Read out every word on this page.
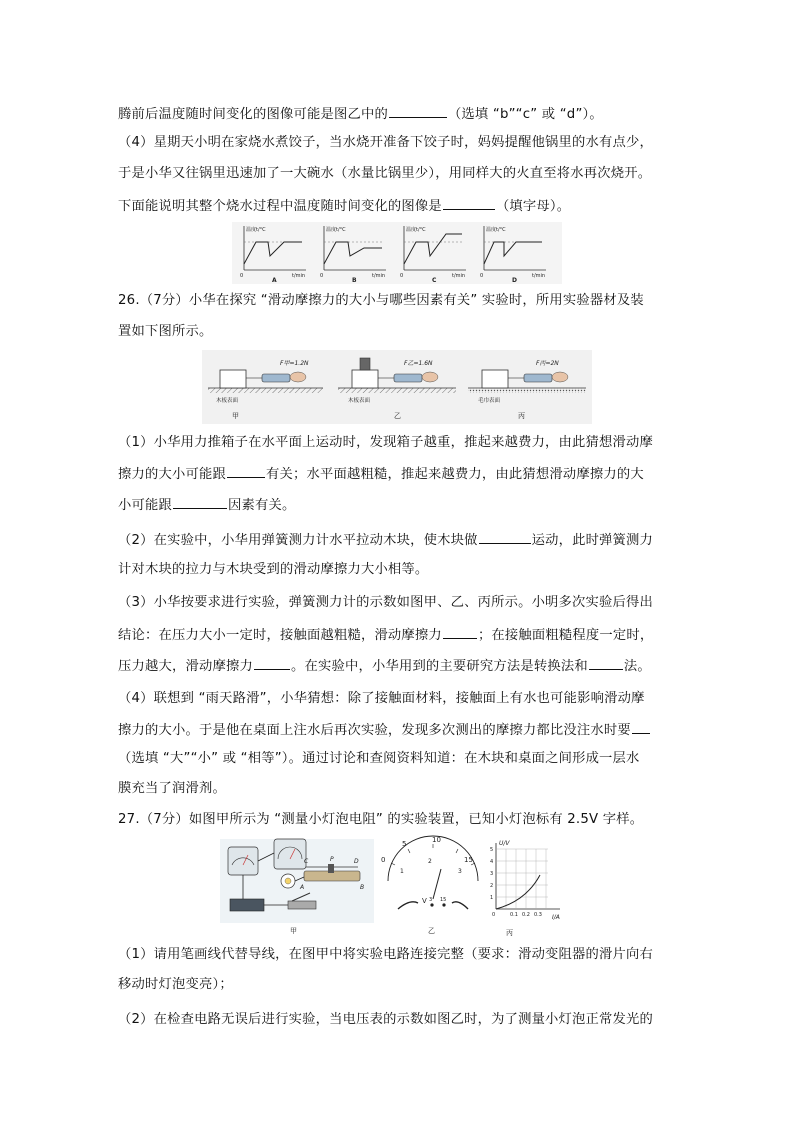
腾前后温度随时间变化的图像可能是图乙中的	（选填 “b”“c” 或 “d”）。
（4）星期天小明在家烧水煮饺子，当水烧开准备下饺子时，妈妈提醒他锅里的水有点少，
于是小华又往锅里迅速加了一大碗水（水量比锅里少），用同样大的火直至将水再次烧开。
下面能说明其整个烧水过程中温度随时间变化的图像是	（填字母）。
温度t/°C
t/min
0
A
温度t/°C
t/min
0
B
温度t/°C
t/min
0
C
温度t/°C
t/min
0
D
26.（7分）小华在探究 “滑动摩擦力的大小与哪些因素有关” 实验时，所用实验器材及装
置如下图所示。
F甲=1.2N
木板表面
甲
F乙=1.6N
木板表面
乙
F丙=2N
毛巾表面
丙
（1）小华用力推箱子在水平面上运动时，发现箱子越重，推起来越费力，由此猜想滑动摩
擦力的大小可能跟	有关；水平面越粗糙，推起来越费力，由此猜想滑动摩擦力的大
小可能跟	因素有关。
（2）在实验中，小华用弹簧测力计水平拉动木块，使木块做	运动，此时弹簧测力
计对木块的拉力与木块受到的滑动摩擦力大小相等。
（3）小华按要求进行实验，弹簧测力计的示数如图甲、乙、丙所示。小明多次实验后得出
结论：在压力大小一定时，接触面越粗糙，滑动摩擦力	；在接触面粗糙程度一定时，
压力越大，滑动摩擦力	。在实验中，小华用到的主要研究方法是转换法和	法。
（4）联想到 “雨天路滑”，小华猜想：除了接触面材料，接触面上有水也可能影响滑动摩
擦力的大小。于是他在桌面上注水后再次实验，发现多次测出的摩擦力都比没注水时要
（选填 “大”“小” 或 “相等”）。通过讨论和查阅资料知道：在木块和桌面之间形成一层水
膜充当了润滑剂。
27.（7分）如图甲所示为 “测量小灯泡电阻” 的实验装置，已知小灯泡标有 2.5V 字样。
C	P	D
A	B
甲
0
5	10
15
1
2
3
V 3 15
乙
U/V
I/A
1
2
3
4
5
0	0.1 0.2 0.3
丙
（1）请用笔画线代替导线，在图甲中将实验电路连接完整（要求：滑动变阻器的滑片向右
移动时灯泡变亮）；
（2）在检查电路无误后进行实验，当电压表的示数如图乙时，为了测量小灯泡正常发光的
